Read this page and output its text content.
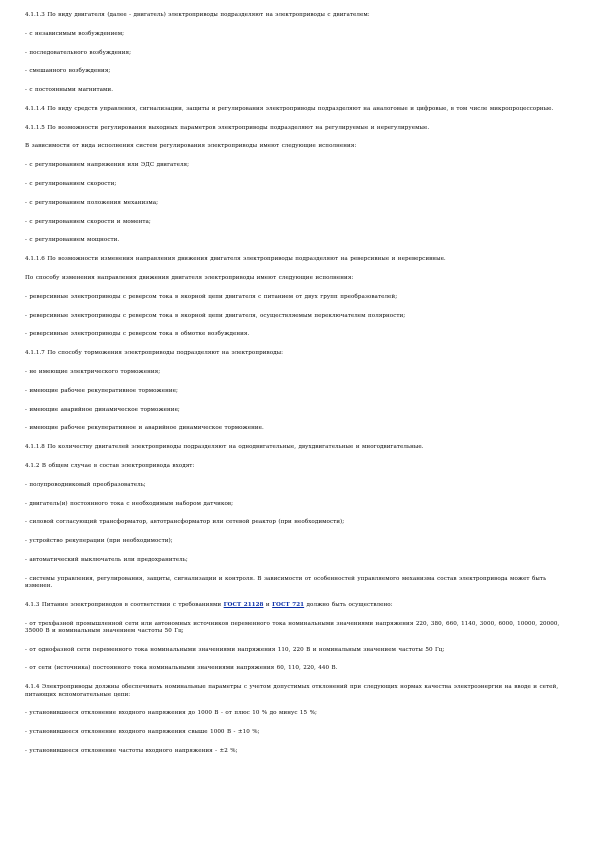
4.1.1.3 По виду двигателя (далее - двигатель) электроприводы подразделяют на электроприводы с двигателем:

- с независимым возбуждением;

- последовательного возбуждения;

- смешанного возбуждения;

- с постоянными магнитами.

4.1.1.4 По виду средств управления, сигнализации, защиты и регулирования электроприводы подразделяют на аналоговые и цифровые, в том числе микропроцессорные.

4.1.1.5 По возможности регулирования выходных параметров электроприводы подразделяют на регулируемые и нерегулируемые.

В зависимости от вида исполнения систем регулирования электроприводы имеют следующие исполнения:

- с регулированием напряжения или ЭДС двигателя;

- с регулированием скорости;

- с регулированием положения механизма;

- с регулированием скорости и момента;

- с регулированием мощности.

4.1.1.6 По возможности изменения направления движения двигателя электроприводы подразделяют на реверсивные и нереверсивные.

По способу изменения направления движения двигателя электроприводы имеют следующие исполнения:

- реверсивные электроприводы с реверсом тока в якорной цепи двигателя с питанием от двух групп преобразователей;

- реверсивные электроприводы с реверсом тока в якорной цепи двигателя, осуществляемым переключателем полярности;

- реверсивные электроприводы с реверсом тока в обмотке возбуждения.

4.1.1.7 По способу торможения электроприводы подразделяют на электроприводы:

- не имеющие электрического торможения;

- имеющие рабочее рекуперативное торможение;

- имеющие аварийное динамическое торможение;

- имеющие рабочее рекуперативное и аварийное динамическое торможение.

4.1.1.8 По количеству двигателей электроприводы подразделяют на однодвигательные, двухдвигательные и многодвигательные.

4.1.2 В общем случае в состав электропривода входят:

- полупроводниковый преобразователь;

- двигатель(и) постоянного тока с необходимым набором датчиков;

- силовой согласующий трансформатор, автотрансформатор или сетевой реактор (при необходимости);

- устройство рекуперации (при необходимости);

- автоматический выключатель или предохранитель;

- системы управления, регулирования, защиты, сигнализации и контроля. В зависимости от особенностей управляемого механизма состав электропривода может быть изменен.

4.1.3 Питание электроприводов в соответствии с требованиями ГОСТ 21128 и ГОСТ 721 должно быть осуществлено:

- от трехфазной промышленной сети или автономных источников переменного тока номинальными значениями напряжения 220, 380, 660, 1140, 3000, 6000, 10000, 20000, 35000 В и номинальным значением частоты 50 Гц;

- от однофазной сети переменного тока номинальными значениями напряжения 110, 220 В и номинальным значением частоты 50 Гц;

- от сети (источника) постоянного тока номинальными значениями напряжения 60, 110, 220, 440 В.

4.1.4 Электроприводы должны обеспечивать номинальные параметры с учетом допустимых отклонений при следующих нормах качества электроэнергии на вводе и сетей, питающих вспомогательные цепи:

- установившееся отклонение входного напряжения до 1000 В - от плюс 10 % до минус 15 %;

- установившееся отклонение входного напряжения свыше 1000 В - ±10 %;

- установившееся отклонение частоты входного напряжения - ±2 %;
